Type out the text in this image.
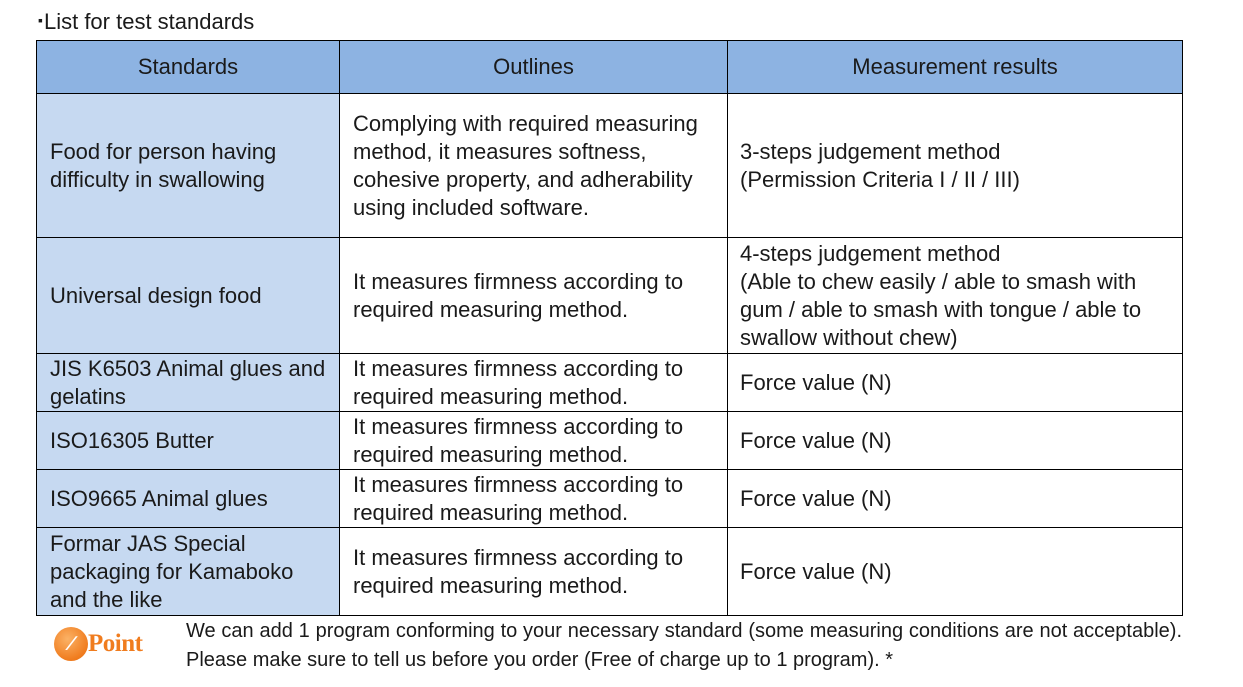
▪List for test standards
Standards	Outlines	Measurement results
Food for person having difficulty in swallowing	Complying with required measuring method, it measures softness, cohesive property, and adherability using included software.	3-steps judgement method
(Permission Criteria I / II / III)

Universal design food	It measures firmness according to required measuring method.	4-steps judgement method
(Able to chew easily / able to smash with gum / able to smash with tongue / able to swallow without chew)

JIS K6503 Animal glues and gelatins	It measures firmness according to required measuring method.	Force value (N)

ISO16305 Butter	It measures firmness according to required measuring method.	Force value (N)

ISO9665 Animal glues	It measures firmness according to required measuring method.	Force value (N)

Formar JAS Special packaging for Kamaboko and the like	It measures firmness according to required measuring method.	Force value (N)
∕ Point We can add 1 program conforming to your necessary standard (some measuring conditions are not acceptable). Please make sure to tell us before you order (Free of charge up to 1 program). *
